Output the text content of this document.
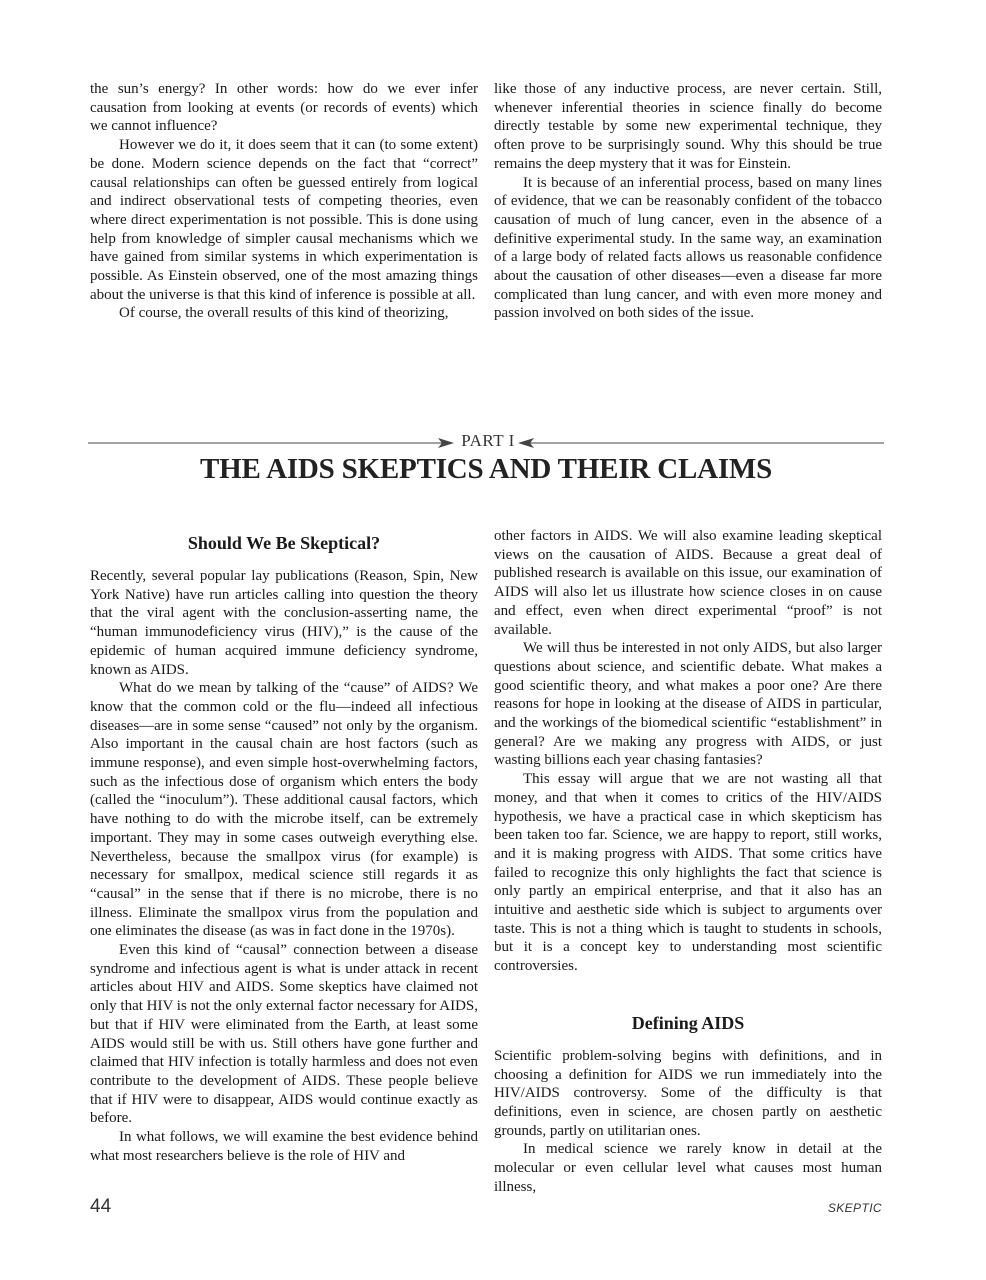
the sun’s energy? In other words: how do we ever infer causation from looking at events (or records of events) which we cannot influence?

However we do it, it does seem that it can (to some extent) be done. Modern science depends on the fact that “correct” causal relationships can often be guessed entirely from logical and indirect observational tests of competing theories, even where direct experimentation is not possible. This is done using help from knowledge of simpler causal mechanisms which we have gained from similar systems in which experimentation is possible. As Einstein observed, one of the most amazing things about the universe is that this kind of inference is possible at all.

Of course, the overall results of this kind of theorizing,

like those of any inductive process, are never certain. Still, whenever inferential theories in science finally do become directly testable by some new experimental technique, they often prove to be surprisingly sound. Why this should be true remains the deep mystery that it was for Einstein.

It is because of an inferential process, based on many lines of evidence, that we can be reasonably confident of the tobacco causation of much of lung cancer, even in the absence of a definitive experimental study. In the same way, an examination of a large body of related facts allows us reasonable confidence about the causation of other diseases—even a disease far more complicated than lung cancer, and with even more money and passion involved on both sides of the issue.

PART I
THE AIDS SKEPTICS AND THEIR CLAIMS
Should We Be Skeptical?

Recently, several popular lay publications (Reason, Spin, New York Native) have run articles calling into question the theory that the viral agent with the conclusion-asserting name, the “human immunodeficiency virus (HIV),” is the cause of the epidemic of human acquired immune deficiency syndrome, known as AIDS.

What do we mean by talking of the “cause” of AIDS? We know that the common cold or the flu—indeed all infectious diseases—are in some sense “caused” not only by the organism. Also important in the causal chain are host factors (such as immune response), and even simple host-overwhelming factors, such as the infectious dose of organism which enters the body (called the “inoculum”). These additional causal factors, which have nothing to do with the microbe itself, can be extremely important. They may in some cases outweigh everything else. Nevertheless, because the smallpox virus (for example) is necessary for smallpox, medical science still regards it as “causal” in the sense that if there is no microbe, there is no illness. Eliminate the smallpox virus from the population and one eliminates the disease (as was in fact done in the 1970s).

Even this kind of “causal” connection between a disease syndrome and infectious agent is what is under attack in recent articles about HIV and AIDS. Some skeptics have claimed not only that HIV is not the only external factor necessary for AIDS, but that if HIV were eliminated from the Earth, at least some AIDS would still be with us. Still others have gone further and claimed that HIV infection is totally harmless and does not even contribute to the development of AIDS. These people believe that if HIV were to disappear, AIDS would continue exactly as before.

In what follows, we will examine the best evidence behind what most researchers believe is the role of HIV and

other factors in AIDS. We will also examine leading skeptical views on the causation of AIDS. Because a great deal of published research is available on this issue, our examination of AIDS will also let us illustrate how science closes in on cause and effect, even when direct experimental “proof” is not available.

We will thus be interested in not only AIDS, but also larger questions about science, and scientific debate. What makes a good scientific theory, and what makes a poor one? Are there reasons for hope in looking at the disease of AIDS in particular, and the workings of the biomedical scientific “establishment” in general? Are we making any progress with AIDS, or just wasting billions each year chasing fantasies?

This essay will argue that we are not wasting all that money, and that when it comes to critics of the HIV/AIDS hypothesis, we have a practical case in which skepticism has been taken too far. Science, we are happy to report, still works, and it is making progress with AIDS. That some critics have failed to recognize this only highlights the fact that science is only partly an empirical enterprise, and that it also has an intuitive and aesthetic side which is subject to arguments over taste. This is not a thing which is taught to students in schools, but it is a concept key to understanding most scientific controversies.

Defining AIDS

Scientific problem-solving begins with definitions, and in choosing a definition for AIDS we run immediately into the HIV/AIDS controversy. Some of the difficulty is that definitions, even in science, are chosen partly on aesthetic grounds, partly on utilitarian ones.

In medical science we rarely know in detail at the molecular or even cellular level what causes most human illness,

44	SKEPTIC
